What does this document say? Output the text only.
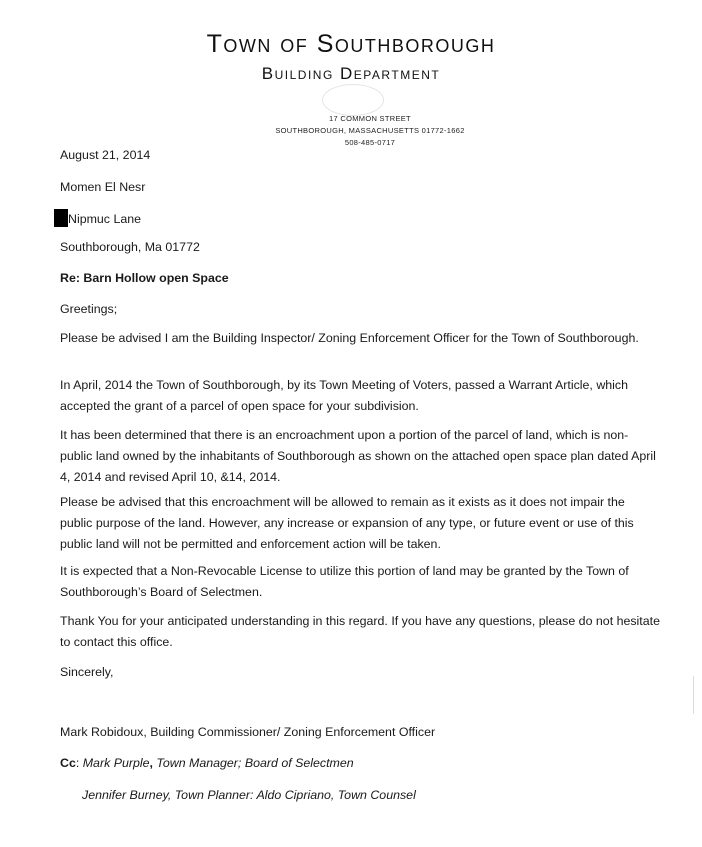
Town of Southborough
Building Department
17 COMMON STREET
SOUTHBOROUGH, MASSACHUSETTS 01772-1662
508-485-0717
August 21, 2014
Momen El Nesr
Nipmuc Lane
Southborough, Ma 01772
Re: Barn Hollow open Space
Greetings;
Please be advised I am the Building Inspector/ Zoning Enforcement Officer for the Town of Southborough.
In April, 2014 the Town of Southborough, by its Town Meeting of Voters, passed a Warrant Article, which accepted the grant of a parcel of open space for your subdivision.
It has been determined that there is an encroachment upon a portion of the parcel of land, which is non-public land owned by the inhabitants of Southborough as shown on the attached open space plan dated April 4, 2014 and revised April 10, &14, 2014.
Please be advised that this encroachment will be allowed to remain as it exists as it does not impair the public purpose of the land. However, any increase or expansion of any type, or future event or use of this public land will not be permitted and enforcement action will be taken.
It is expected that a Non-Revocable License to utilize this portion of land may be granted by the Town of Southborough’s Board of Selectmen.
Thank You for your anticipated understanding in this regard. If you have any questions, please do not hesitate to contact this office.
Sincerely,
Mark Robidoux, Building Commissioner/ Zoning Enforcement Officer
Cc: Mark Purple, Town Manager; Board of Selectmen
Jennifer Burney, Town Planner: Aldo Cipriano, Town Counsel
